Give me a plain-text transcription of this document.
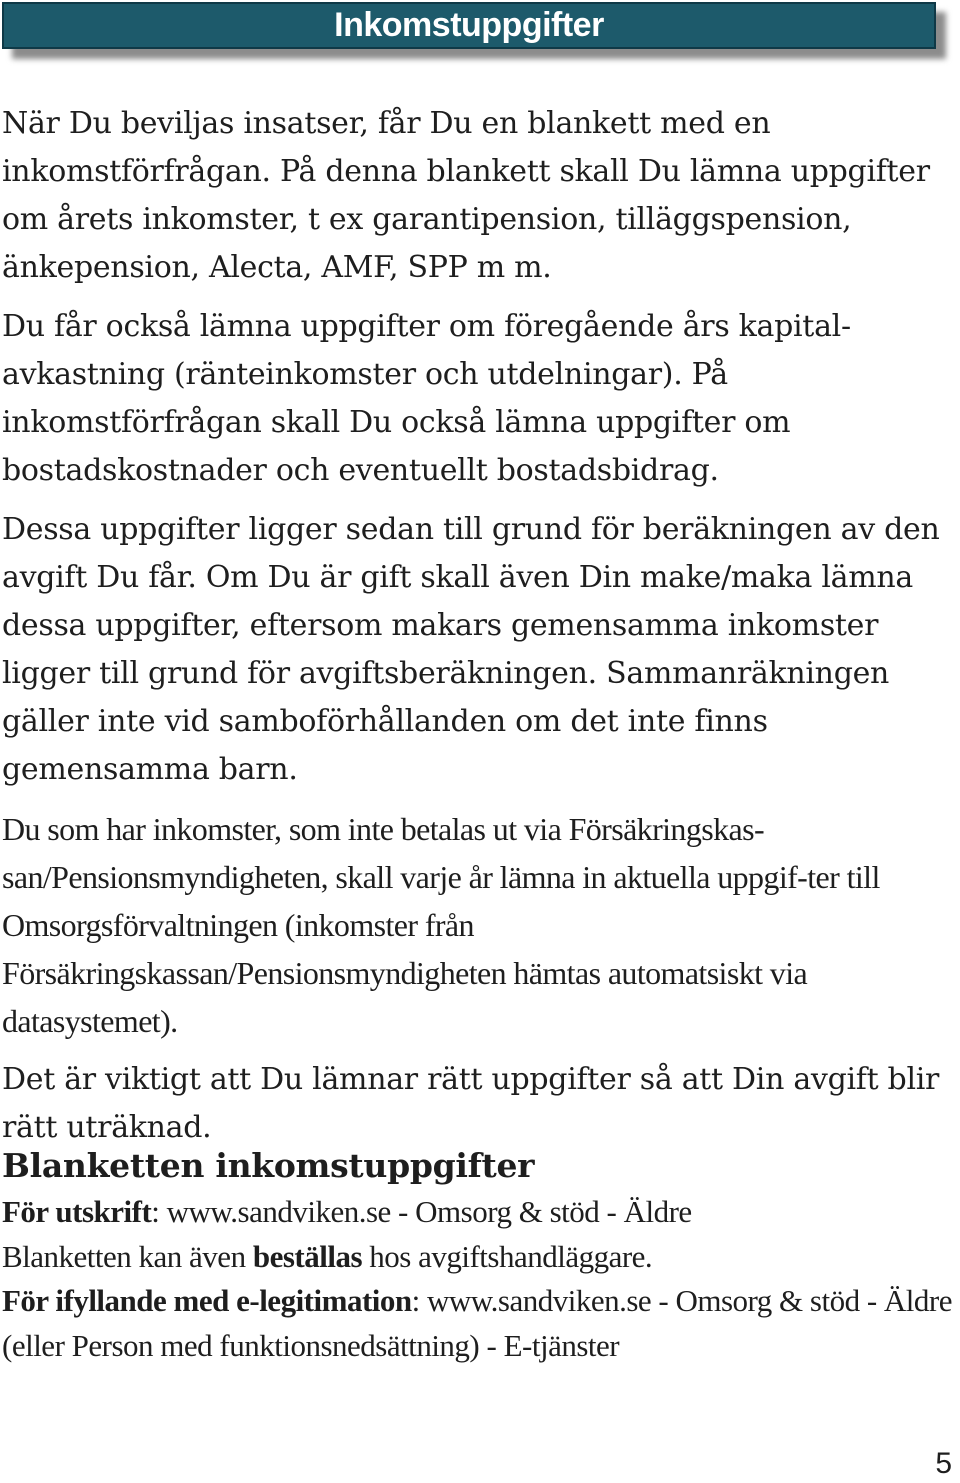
Inkomstuppgifter

När Du beviljas insatser, får Du en blankett med en inkomstförfrågan. På denna blankett skall Du lämna uppgifter om årets inkomster, t ex garantipension, tilläggspension, änkepension, Alecta, AMF, SPP m m.

Du får också lämna uppgifter om föregående års kapital-avkastning (ränteinkomster och utdelningar). På inkomstförfrågan skall Du också lämna uppgifter om bostadskostnader och eventuellt bostadsbidrag.

Dessa uppgifter ligger sedan till grund för beräkningen av den avgift Du får. Om Du är gift skall även Din make/maka lämna dessa uppgifter, eftersom makars gemensamma inkomster ligger till grund för avgiftsberäkningen. Sammanräkningen gäller inte vid samboförhållanden om det inte finns gemensamma barn.

Du som har inkomster, som inte betalas ut via Försäkringskas-san/Pensionsmyndigheten, skall varje år lämna in aktuella uppgif-ter till Omsorgsförvaltningen (inkomster från Försäkringskassan/Pensionsmyndigheten hämtas automatsiskt via datasystemet).

Det är viktigt att Du lämnar rätt uppgifter så att Din avgift blir rätt uträknad.

Blanketten inkomstuppgifter

För utskrift: www.sandviken.se - Omsorg & stöd - Äldre

Blanketten kan även beställas hos avgiftshandläggare.

För ifyllande med e-legitimation: www.sandviken.se - Omsorg & stöd - Äldre (eller Person med funktionsnedsättning) - E-tjänster

5
